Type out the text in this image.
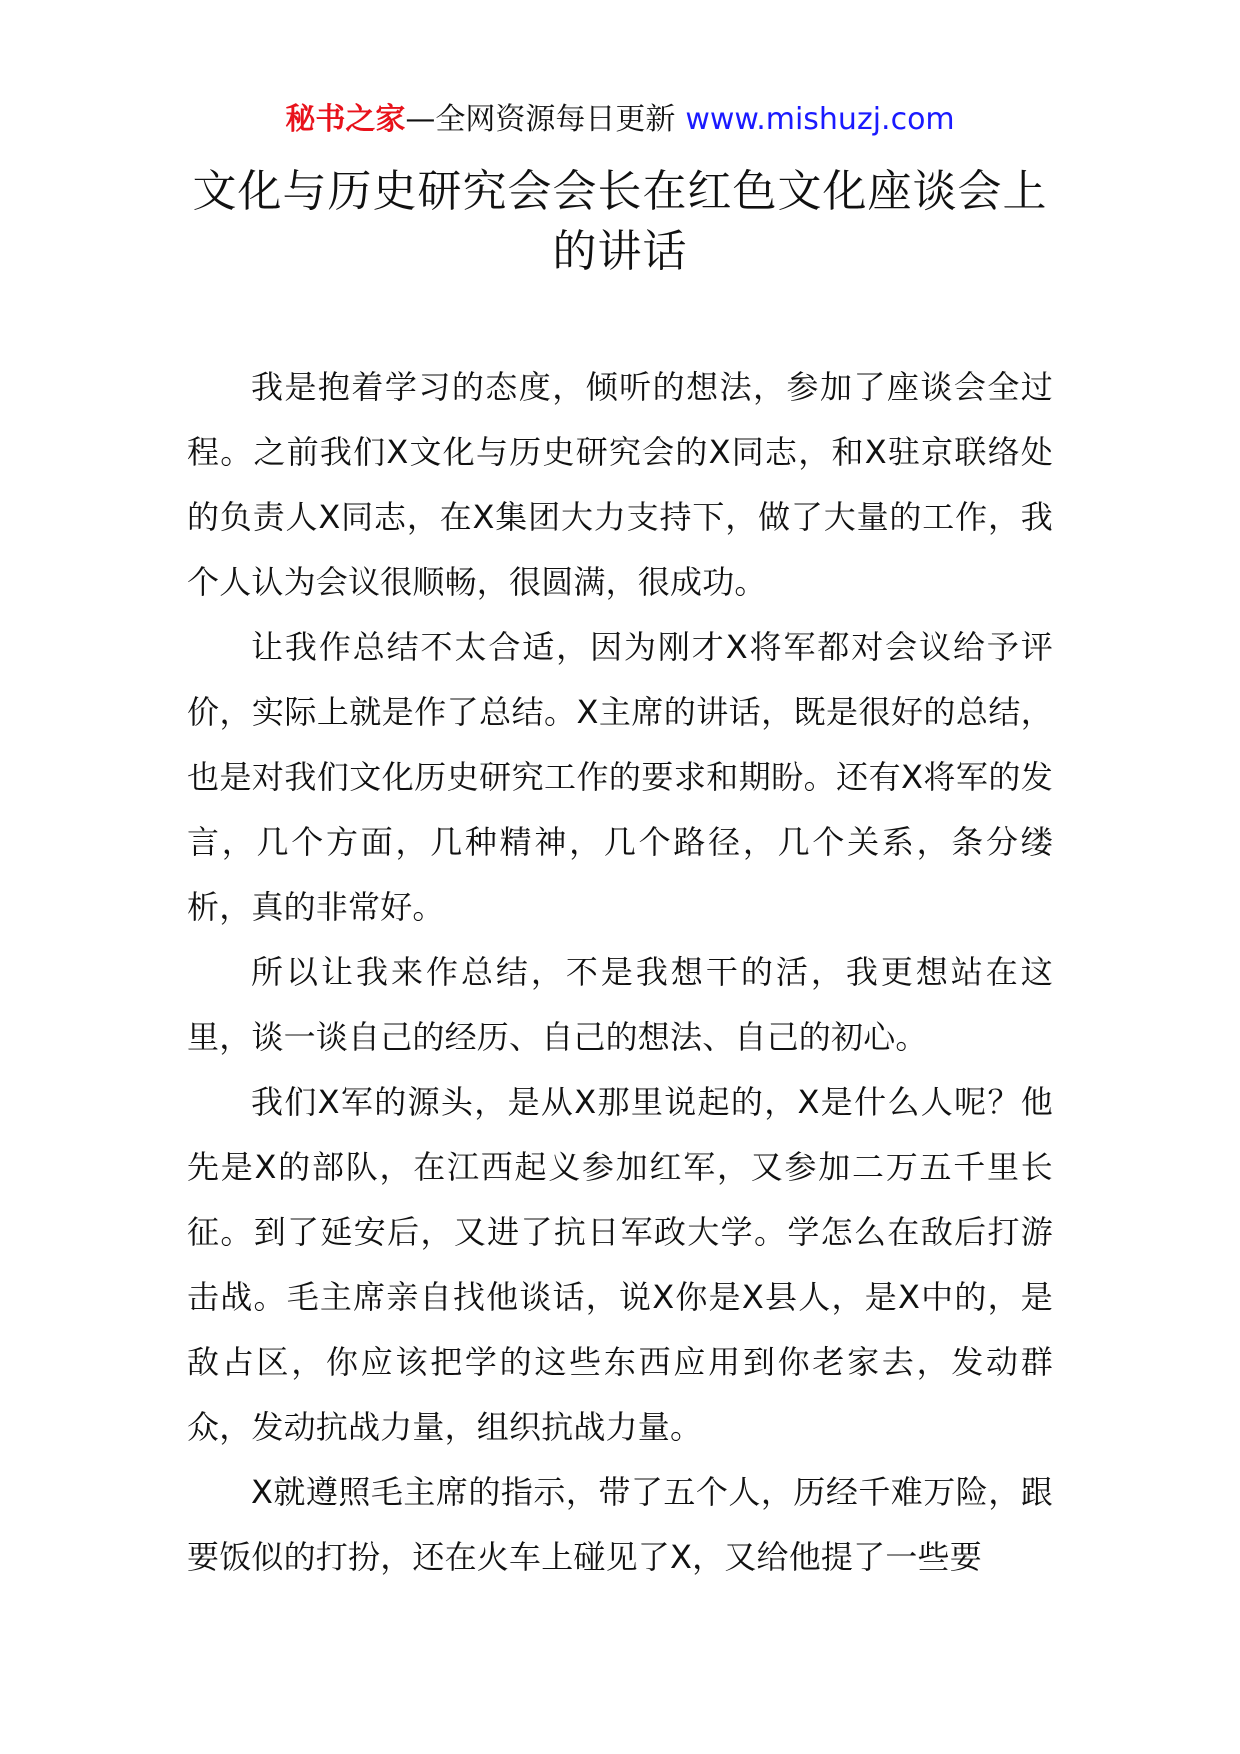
秘书之家—全网资源每日更新 www.mishuzj.com
文化与历史研究会会长在红色文化座谈会上的讲话

我是抱着学习的态度，倾听的想法，参加了座谈会全过程。之前我们X文化与历史研究会的X同志，和X驻京联络处的负责人X同志，在X集团大力支持下，做了大量的工作，我个人认为会议很顺畅，很圆满，很成功。

让我作总结不太合适，因为刚才X将军都对会议给予评价，实际上就是作了总结。X主席的讲话，既是很好的总结，也是对我们文化历史研究工作的要求和期盼。还有X将军的发言，几个方面，几种精神，几个路径，几个关系，条分缕析，真的非常好。

所以让我来作总结，不是我想干的活，我更想站在这里，谈一谈自己的经历、自己的想法、自己的初心。

我们X军的源头，是从X那里说起的，X是什么人呢？他先是X的部队，在江西起义参加红军，又参加二万五千里长征。到了延安后，又进了抗日军政大学。学怎么在敌后打游击战。毛主席亲自找他谈话，说X你是X县人，是X中的，是敌占区，你应该把学的这些东西应用到你老家去，发动群众，发动抗战力量，组织抗战力量。

X就遵照毛主席的指示，带了五个人，历经千难万险，跟要饭似的打扮，还在火车上碰见了X，又给他提了一些要
